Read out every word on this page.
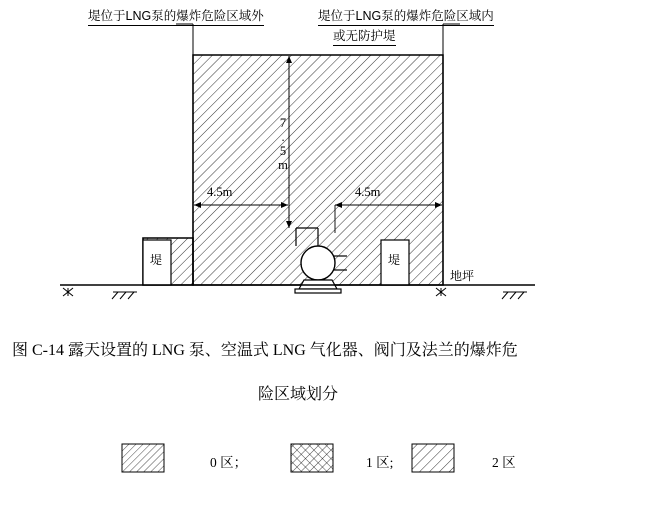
堤位于LNG泵的爆炸危险区域外	堤位于LNG泵的爆炸危险区域内
或无防护堤
7.5m
4.5m	4.5m
堤	堤
地坪
图 C-14 露天设置的 LNG 泵、空温式 LNG 气化器、阀门及法兰的爆炸危
险区域划分
0 区；	1 区;	2 区
